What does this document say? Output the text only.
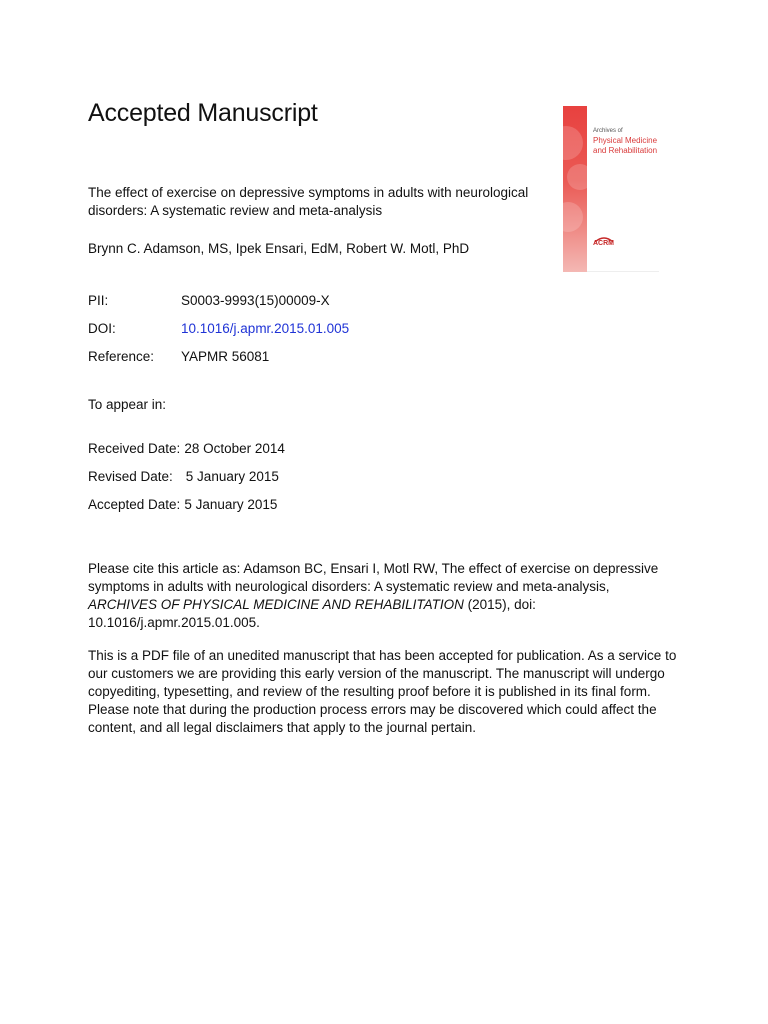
Accepted Manuscript
The effect of exercise on depressive symptoms in adults with neurological disorders: A systematic review and meta-analysis
Brynn C. Adamson, MS, Ipek Ensari, EdM, Robert W. Motl, PhD
PII:	S0003-9993(15)00009-X
DOI:	10.1016/j.apmr.2015.01.005
Reference: YAPMR 56081
To appear in:
Received Date: 28 October 2014
Revised Date: 5 January 2015
Accepted Date: 5 January 2015
Please cite this article as: Adamson BC, Ensari I, Motl RW, The effect of exercise on depressive symptoms in adults with neurological disorders: A systematic review and meta-analysis, ARCHIVES OF PHYSICAL MEDICINE AND REHABILITATION (2015), doi: 10.1016/j.apmr.2015.01.005.
This is a PDF file of an unedited manuscript that has been accepted for publication. As a service to our customers we are providing this early version of the manuscript. The manuscript will undergo copyediting, typesetting, and review of the resulting proof before it is published in its final form. Please note that during the production process errors may be discovered which could affect the content, and all legal disclaimers that apply to the journal pertain.
Archives of
Physical Medicine and Rehabilitation
ACRM
